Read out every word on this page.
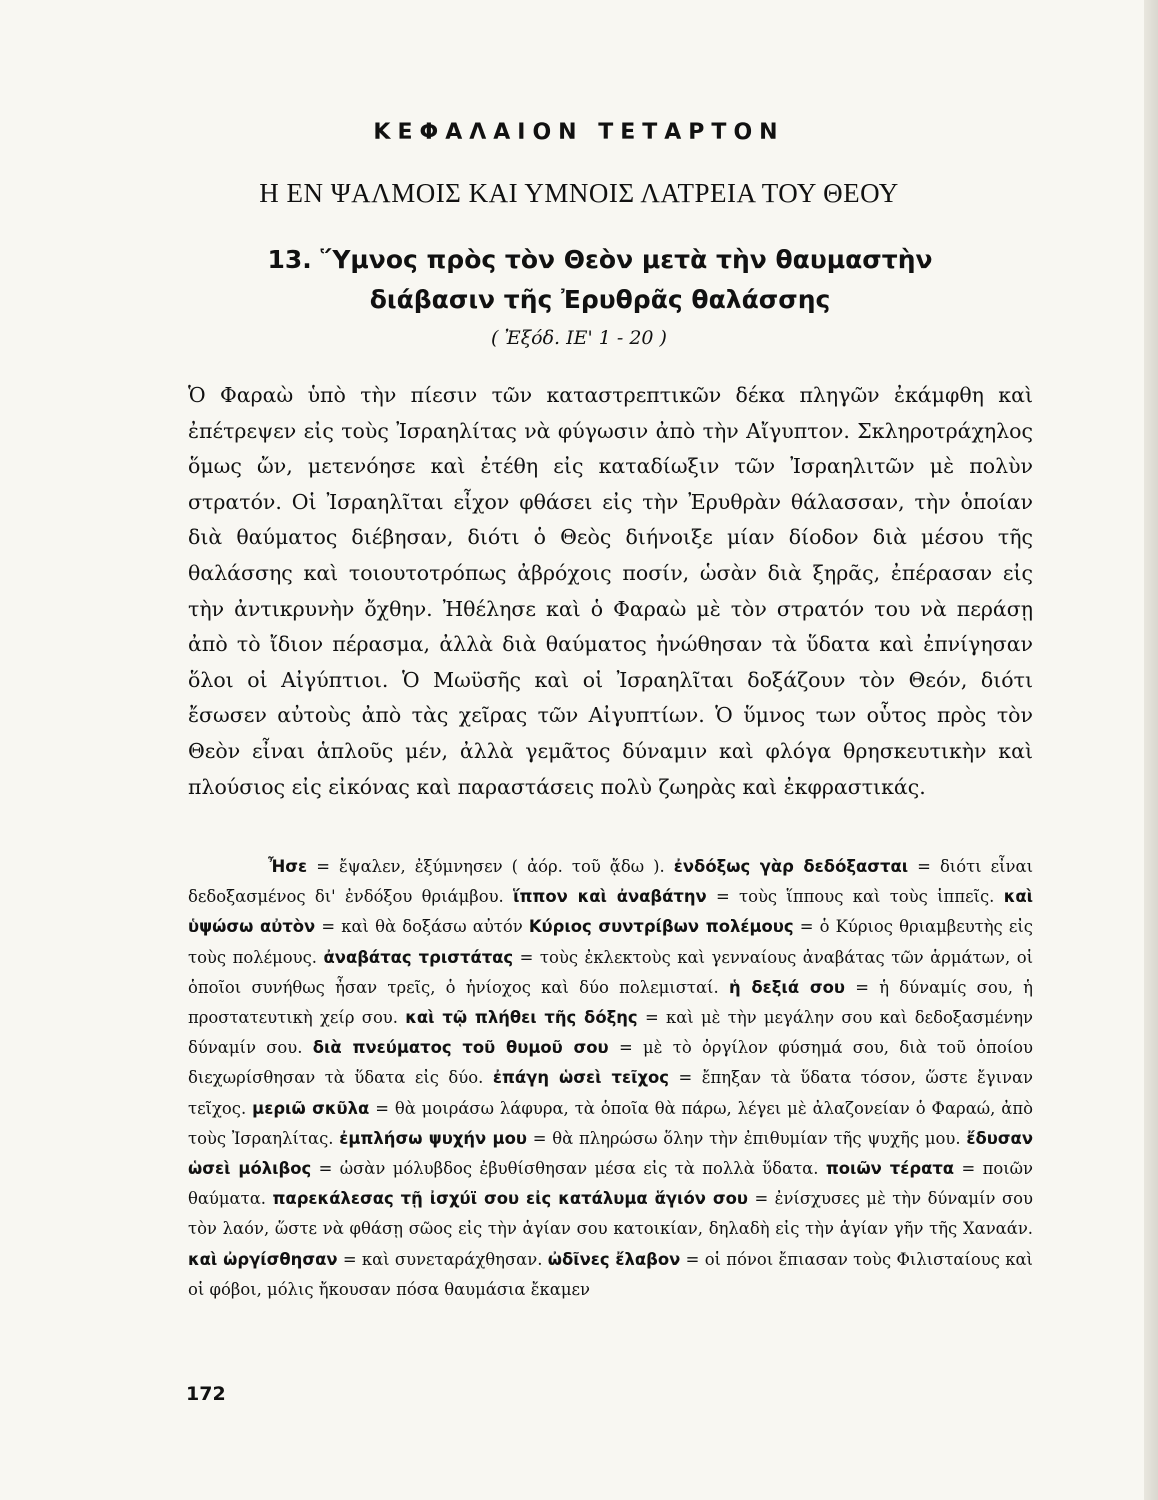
ΚΕΦΑΛΑΙΟΝ ΤΕΤΑΡΤΟΝ
Η ΕΝ ΨΑΛΜΟΙΣ ΚΑΙ ΥΜΝΟΙΣ ΛΑΤΡΕΙΑ ΤΟΥ ΘΕΟΥ
13. Ὕμνος πρὸς τὸν Θεὸν μετὰ τὴν θαυμαστὴν
διάβασιν τῆς Ἐρυθρᾶς θαλάσσης
( Ἐξόδ. ΙΕ' 1 - 20 )

Ὁ Φαραὼ ὑπὸ τὴν πίεσιν τῶν καταστρεπτικῶν δέκα πληγῶν ἐκάμφθη καὶ ἐπέτρεψεν εἰς τοὺς Ἰσραηλίτας νὰ φύγωσιν ἀπὸ τὴν Αἴγυπτον. Σκληροτράχηλος ὅμως ὤν, μετενόησε καὶ ἐτέθη εἰς καταδίωξιν τῶν Ἰσραηλιτῶν μὲ πολὺν στρατόν. Οἱ Ἰσραηλῖται εἶχον φθάσει εἰς τὴν Ἐρυθρὰν θάλασσαν, τὴν ὁποίαν διὰ θαύματος διέβησαν, διότι ὁ Θεὸς διήνοιξε μίαν δίοδον διὰ μέσου τῆς θαλάσσης καὶ τοιουτοτρόπως ἀβρόχοις ποσίν, ὡσὰν διὰ ξηρᾶς, ἐπέρασαν εἰς τὴν ἀντικρυνὴν ὄχθην. Ἠθέλησε καὶ ὁ Φαραὼ μὲ τὸν στρατόν του νὰ περάσῃ ἀπὸ τὸ ἴδιον πέρασμα, ἀλλὰ διὰ θαύματος ἠνώθησαν τὰ ὕδατα καὶ ἐπνίγησαν ὅλοι οἱ Αἰγύπτιοι. Ὁ Μωϋσῆς καὶ οἱ Ἰσραηλῖται δοξάζουν τὸν Θεόν, διότι ἔσωσεν αὐτοὺς ἀπὸ τὰς χεῖρας τῶν Αἰγυπτίων. Ὁ ὕμνος των οὗτος πρὸς τὸν Θεὸν εἶναι ἁπλοῦς μέν, ἀλλὰ γεμᾶτος δύναμιν καὶ φλόγα θρησκευτικὴν καὶ πλούσιος εἰς εἰκόνας καὶ παραστάσεις πολὺ ζωηρὰς καὶ ἐκφραστικάς.

Ἦσε = ἔψαλεν, ἐξύμνησεν ( ἀόρ. τοῦ ᾄδω ). ἐνδόξως γὰρ δεδόξασται = διότι εἶναι δεδοξασμένος δι' ἐνδόξου θριάμβου. ἵππον καὶ ἀναβάτην = τοὺς ἵππους καὶ τοὺς ἱππεῖς. καὶ ὑψώσω αὐτὸν = καὶ θὰ δοξάσω αὐτόν Κύριος συντρίβων πολέμους = ὁ Κύριος θριαμβευτὴς εἰς τοὺς πολέμους. ἀναβάτας τριστάτας = τοὺς ἐκλεκτοὺς καὶ γενναίους ἀναβάτας τῶν ἁρμάτων, οἱ ὁποῖοι συνήθως ἦσαν τρεῖς, ὁ ἡνίοχος καὶ δύο πολεμισταί. ἡ δεξιά σου = ἡ δύναμίς σου, ἡ προστατευτικὴ χείρ σου. καὶ τῷ πλήθει τῆς δόξης = καὶ μὲ τὴν μεγάλην σου καὶ δεδοξασμένην δύναμίν σου. διὰ πνεύματος τοῦ θυμοῦ σου = μὲ τὸ ὀργίλον φύσημά σου, διὰ τοῦ ὁποίου διεχωρίσθησαν τὰ ὕδατα εἰς δύο. ἐπάγη ὡσεὶ τεῖχος = ἔπηξαν τὰ ὕδατα τόσον, ὥστε ἔγιναν τεῖχος. μεριῶ σκῦλα = θὰ μοιράσω λάφυρα, τὰ ὁποῖα θὰ πάρω, λέγει μὲ ἀλαζονείαν ὁ Φαραώ, ἀπὸ τοὺς Ἰσραηλίτας. ἐμπλήσω ψυχήν μου = θὰ πληρώσω ὅλην τὴν ἐπιθυμίαν τῆς ψυχῆς μου. ἔδυσαν ὡσεὶ μόλιβος = ὡσὰν μόλυβδος ἐβυθίσθησαν μέσα εἰς τὰ πολλὰ ὕδατα. ποιῶν τέρατα = ποιῶν θαύματα. παρεκάλεσας τῇ ἰσχύϊ σου εἰς κατάλυμα ἅγιόν σου = ἐνίσχυσες μὲ τὴν δύναμίν σου τὸν λαόν, ὥστε νὰ φθάσῃ σῶος εἰς τὴν ἁγίαν σου κατοικίαν, δηλαδὴ εἰς τὴν ἁγίαν γῆν τῆς Χαναάν. καὶ ὠργίσθησαν = καὶ συνεταράχθησαν. ὠδῖνες ἔλαβον = οἱ πόνοι ἔπιασαν τοὺς Φιλισταίους καὶ οἱ φόβοι, μόλις ἤκουσαν πόσα θαυμάσια ἔκαμεν

172
